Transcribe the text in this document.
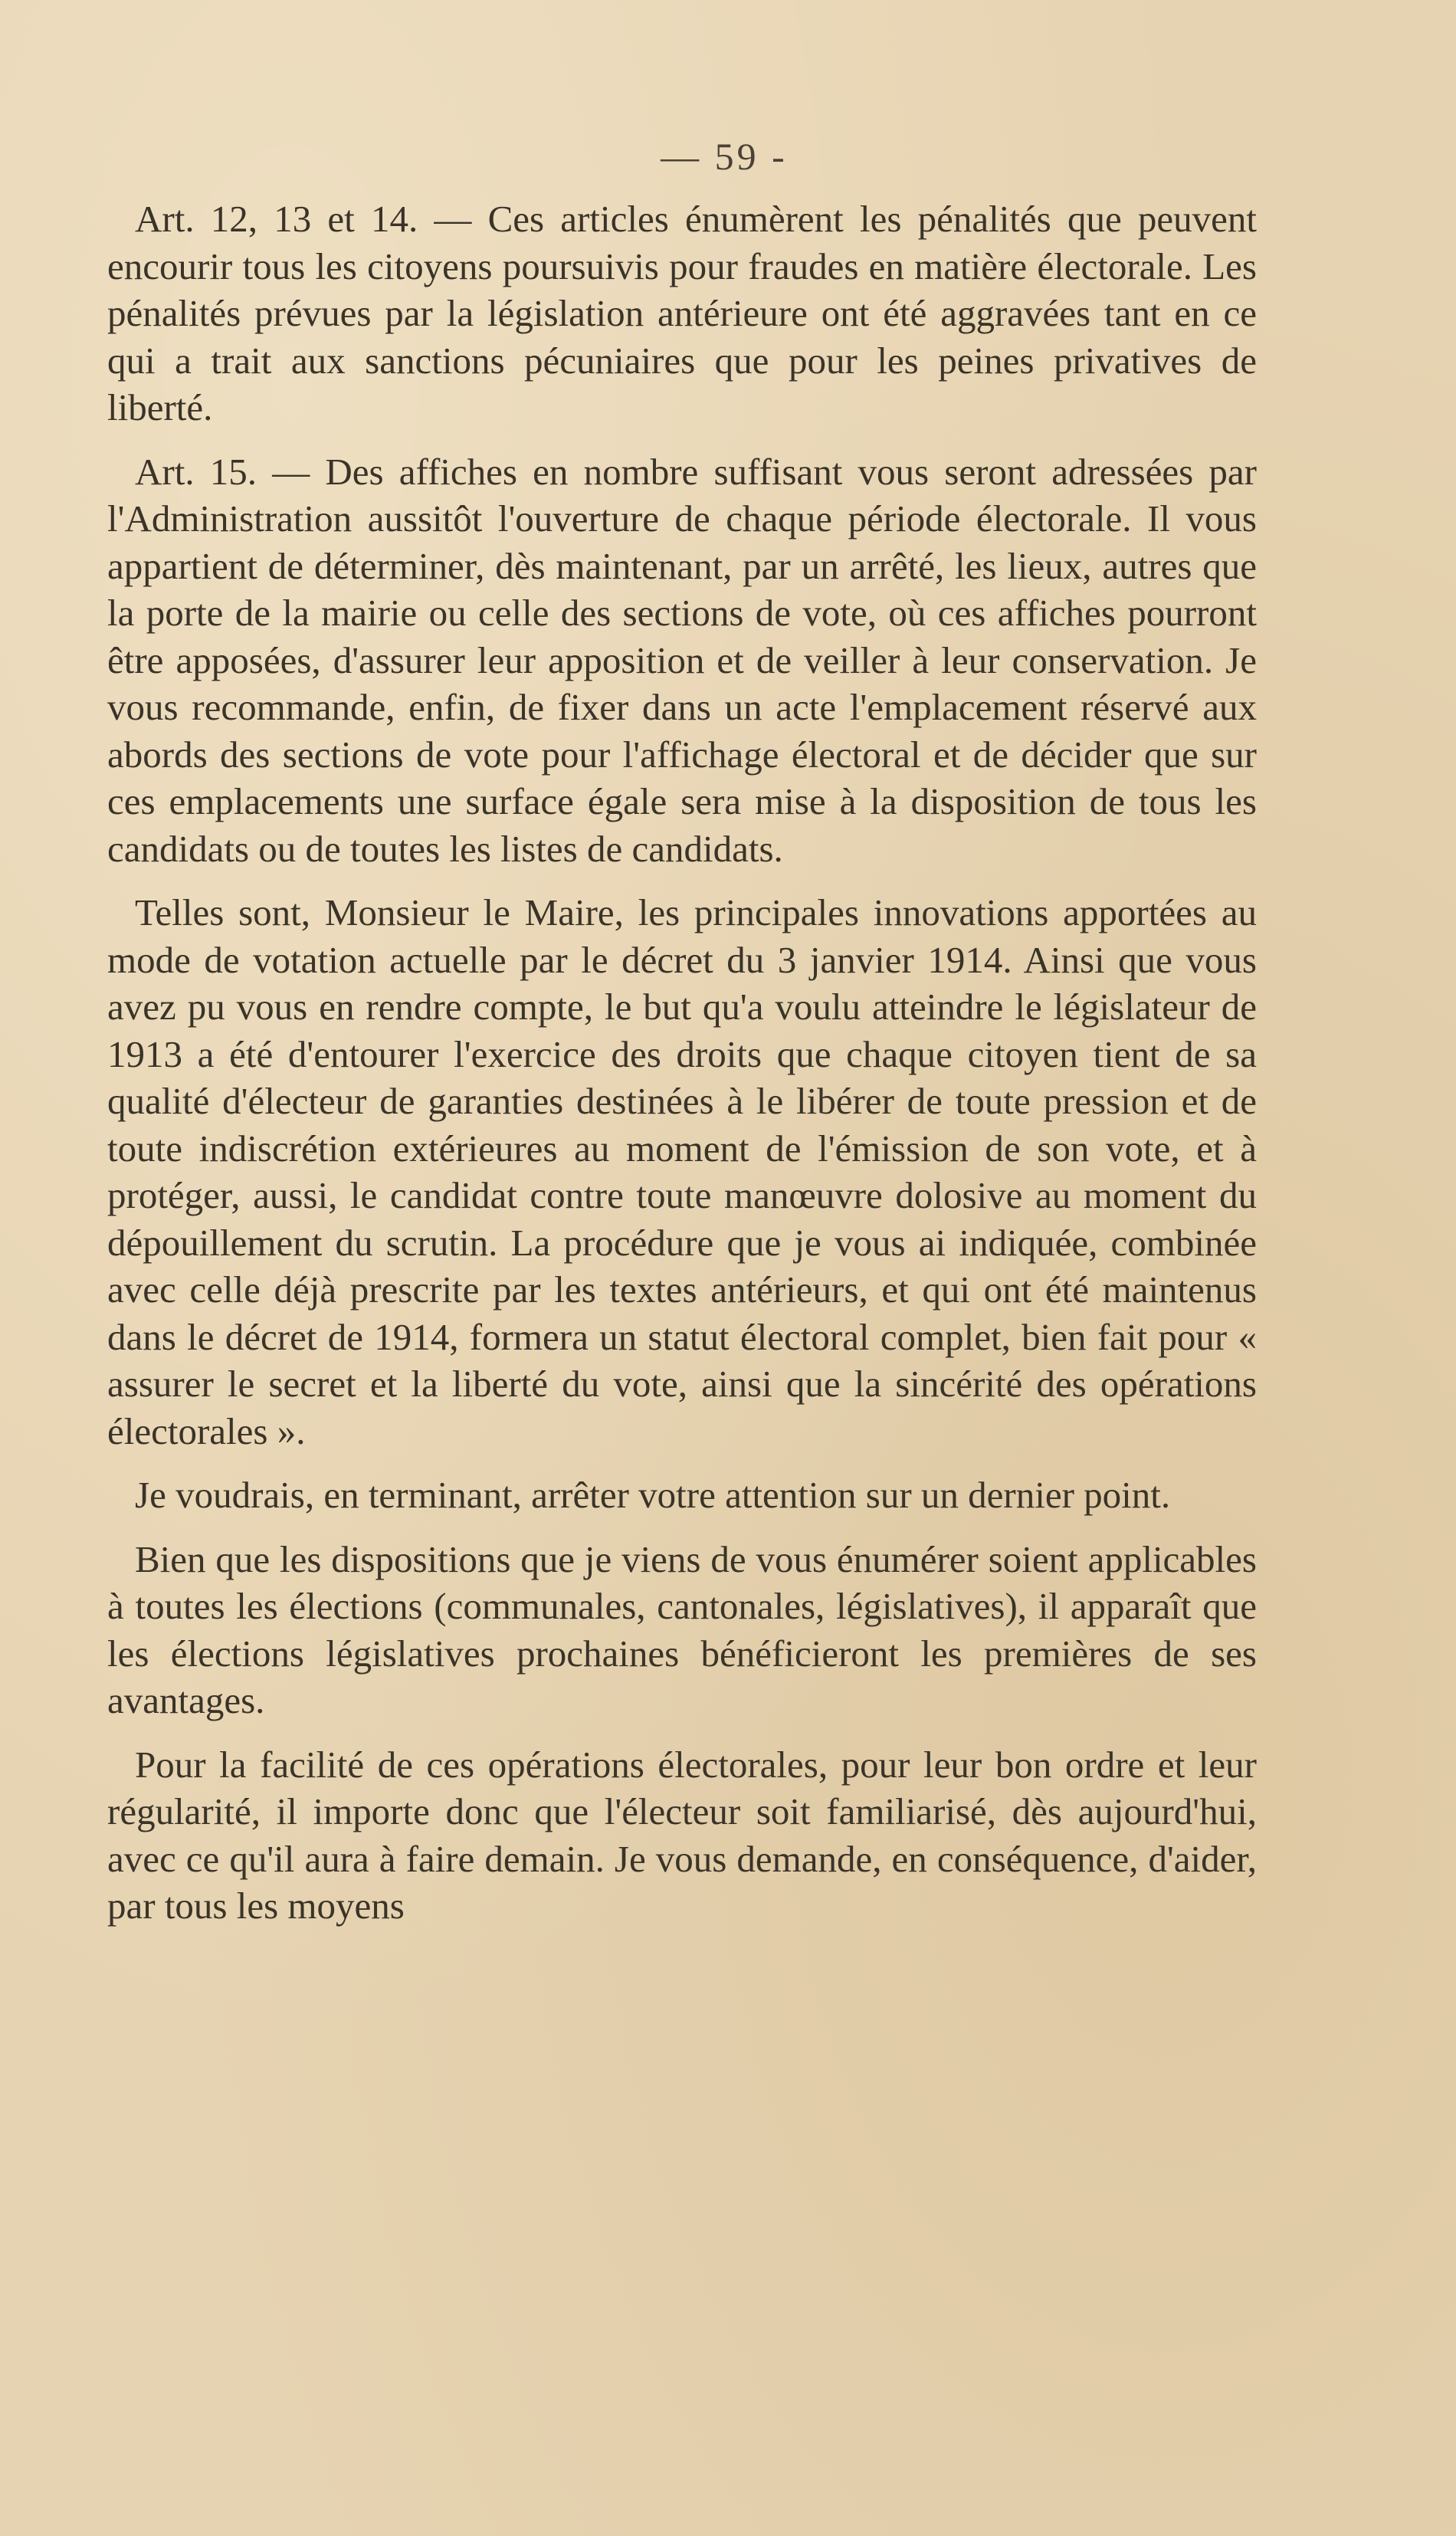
— 59 -

Art. 12, 13 et 14. — Ces articles énumèrent les pénalités que peuvent encourir tous les citoyens poursuivis pour fraudes en matière électorale. Les pénalités prévues par la législation antérieure ont été aggravées tant en ce qui a trait aux sanctions pécuniaires que pour les peines privatives de liberté.

Art. 15. — Des affiches en nombre suffisant vous seront adressées par l'Administration aussitôt l'ouverture de chaque période électorale. Il vous appartient de déterminer, dès maintenant, par un arrêté, les lieux, autres que la porte de la mairie ou celle des sections de vote, où ces affiches pourront être apposées, d'assurer leur apposition et de veiller à leur conservation. Je vous recommande, enfin, de fixer dans un acte l'emplacement réservé aux abords des sections de vote pour l'affichage électoral et de décider que sur ces emplacements une surface égale sera mise à la disposition de tous les candidats ou de toutes les listes de candidats.

Telles sont, Monsieur le Maire, les principales innovations apportées au mode de votation actuelle par le décret du 3 janvier 1914. Ainsi que vous avez pu vous en rendre compte, le but qu'a voulu atteindre le législateur de 1913 a été d'entourer l'exercice des droits que chaque citoyen tient de sa qualité d'électeur de garanties destinées à le libérer de toute pression et de toute indiscrétion extérieures au moment de l'émission de son vote, et à protéger, aussi, le candidat contre toute manœuvre dolosive au moment du dépouillement du scrutin. La procédure que je vous ai indiquée, combinée avec celle déjà prescrite par les textes antérieurs, et qui ont été maintenus dans le décret de 1914, formera un statut électoral complet, bien fait pour « assurer le secret et la liberté du vote, ainsi que la sincérité des opérations électorales ».

Je voudrais, en terminant, arrêter votre attention sur un dernier point.

Bien que les dispositions que je viens de vous énumérer soient applicables à toutes les élections (communales, cantonales, législatives), il apparaît que les élections législatives prochaines bénéficieront les premières de ses avantages.

Pour la facilité de ces opérations électorales, pour leur bon ordre et leur régularité, il importe donc que l'électeur soit familiarisé, dès aujourd'hui, avec ce qu'il aura à faire demain. Je vous demande, en conséquence, d'aider, par tous les moyens
